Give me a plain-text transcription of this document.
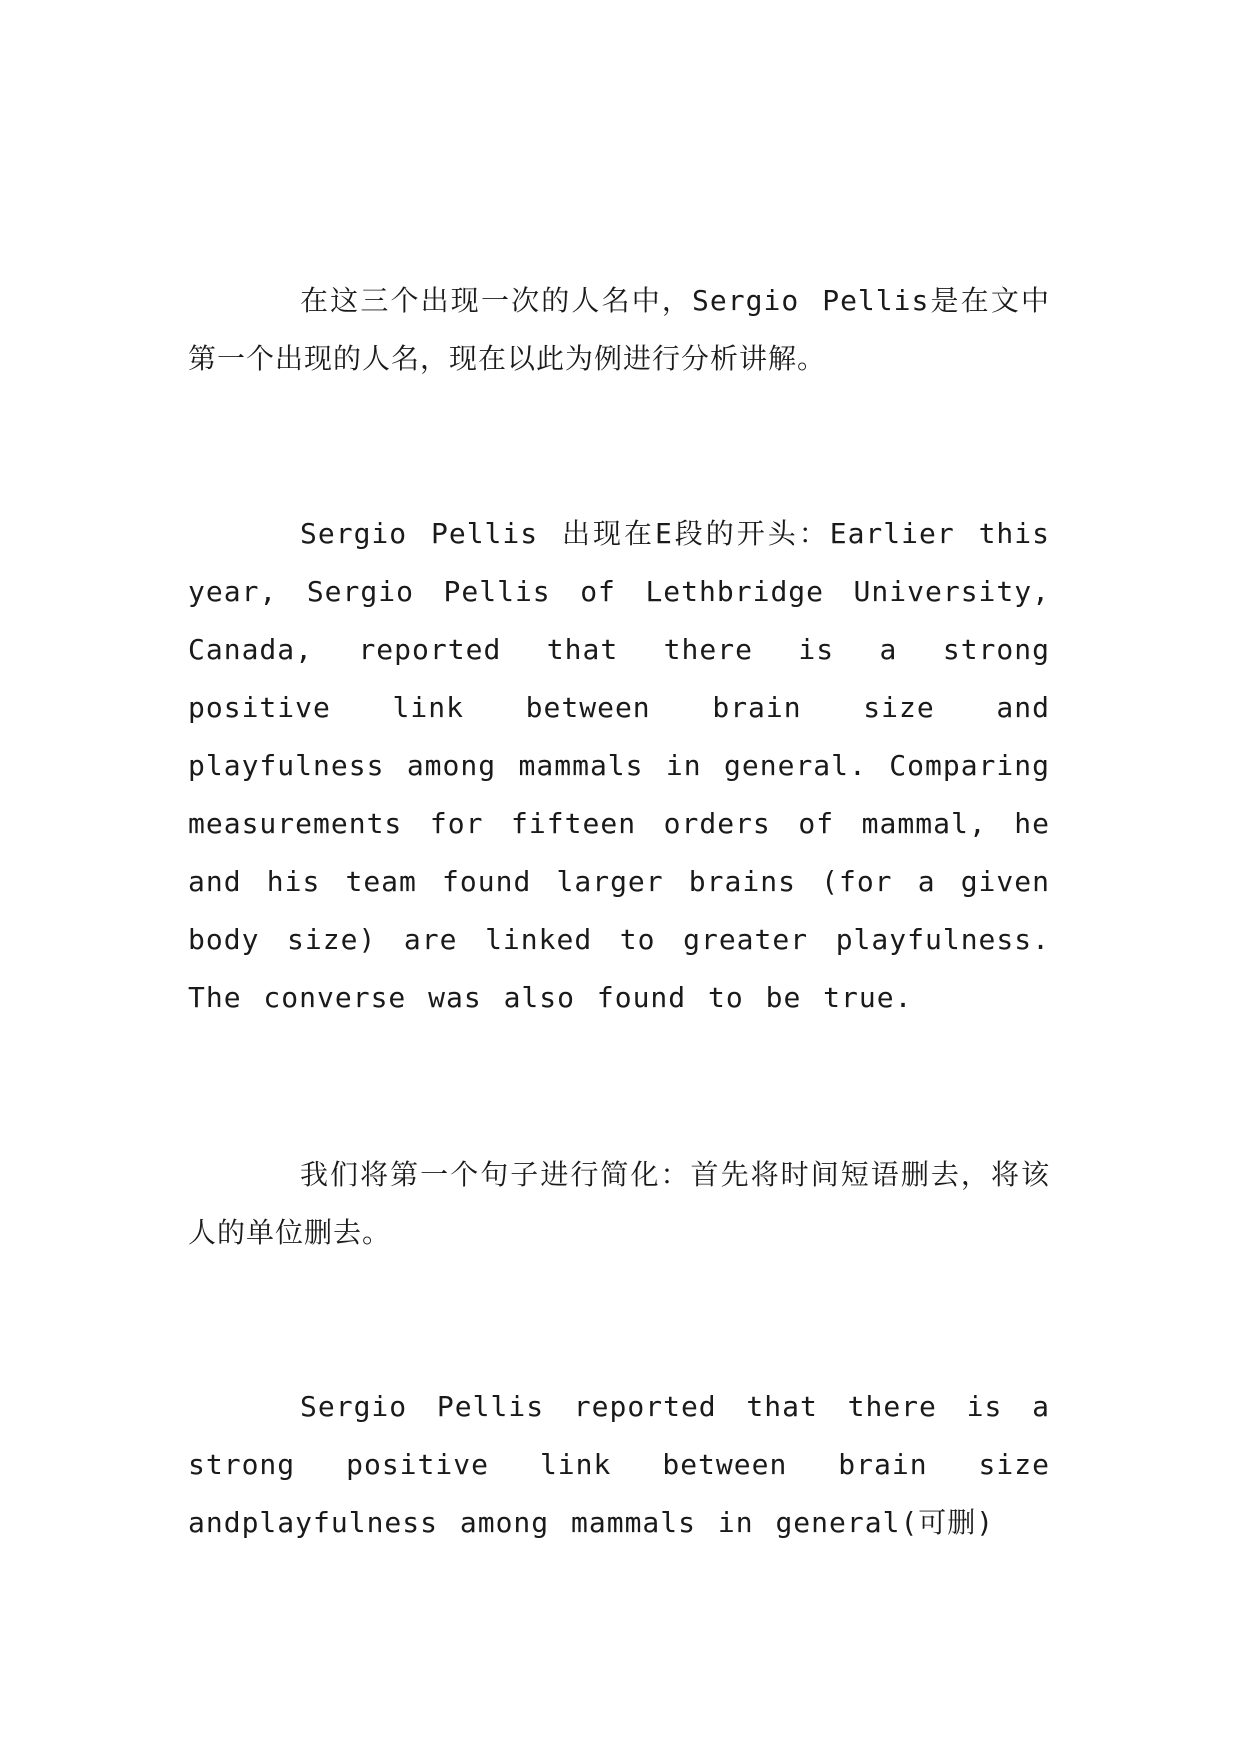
在这三个出现一次的人名中，Sergio Pellis是在文中第一个出现的人名，现在以此为例进行分析讲解。

Sergio Pellis 出现在E段的开头：Earlier this year, Sergio Pellis of Lethbridge University, Canada, reported that there is a strong positive link between brain size and playfulness among mammals in general. Comparing measurements for fifteen orders of mammal, he and his team found larger brains (for a given body size) are linked to greater playfulness. The converse was also found to be true.

我们将第一个句子进行简化：首先将时间短语删去，将该人的单位删去。

Sergio Pellis reported that there is a strong positive link between brain size andplayfulness among mammals in general(可删)
